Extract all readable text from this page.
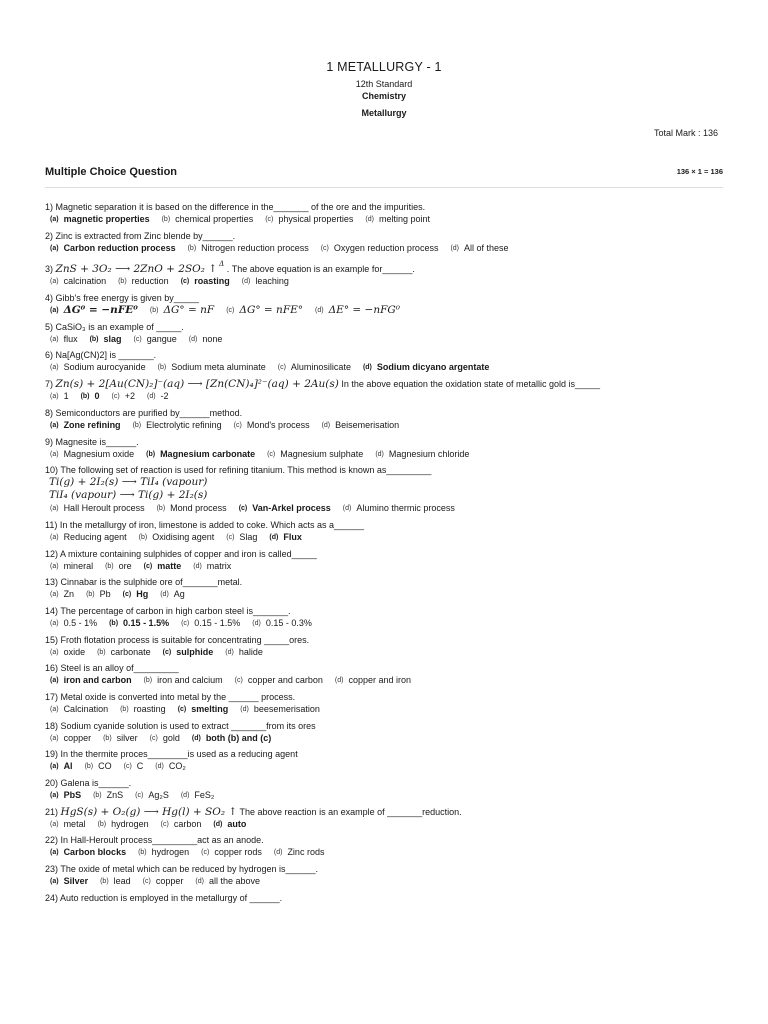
1 METALLURGY - 1
12th Standard
Chemistry
Metallurgy
Total Mark : 136
Multiple Choice Question	136 × 1 = 136
1) Magnetic separation it is based on the difference in the_______ of the ore and the impurities.
(a) magnetic properties (b) chemical properties (c) physical properties (d) melting point
2) Zinc is extracted from Zinc blende by______.
(a) Carbon reduction process (b) Nitrogen reduction process (c) Oxygen reduction process (d) All of these
3) ZnS + 3O₂ ⟶ 2ZnO + 2SO₂ ↑ $^\Delta$ . The above equation is an example for______.
(a) calcination (b) reduction (c) roasting (d) leaching
4) Gibb's free energy is given by_____
(a) ΔG⁰ = −nFE⁰ (b) ΔG° = nF (c) ΔG° = nFE° (d) ΔE° = −nFG⁰
5) CaSiO₃ is an example of _____.
(a) flux (b) slag (c) gangue (d) none
6) Na[Ag(CN)2] is _______.
(a) Sodium aurocyanide (b) Sodium meta aluminate (c) Aluminosilicate (d) Sodium dicyano argentate
7) Zn(s) + 2[Au(CN)₂]⁻(aq) ⟶ [Zn(CN)₄]²⁻(aq) + 2Au(s) In the above equation the oxidation state of metallic gold is_____
(a) 1 (b) 0 (c) +2 (d) -2
8) Semiconductors are purified by______method.
(a) Zone refining (b) Electrolytic refining (c) Mond's process (d) Beisemerisation
9) Magnesite is______.
(a) Magnesium oxide (b) Magnesium carbonate (c) Magnesium sulphate (d) Magnesium chloride
10) The following set of reaction is used for refining titanium. This method is known as_________
Ti(g) + 2I₂(s) ⟶ TiI₄ (vapour)
TiI₄ (vapour) ⟶ Ti(g) + 2I₂(s)
(a) Hall Heroult process (b) Mond process (c) Van-Arkel process (d) Alumino thermic process
11) In the metallurgy of iron, limestone is added to coke. Which acts as a______
(a) Reducing agent (b) Oxidising agent (c) Slag (d) Flux
12) A mixture containing sulphides of copper and iron is called_____
(a) mineral (b) ore (c) matte (d) matrix
13) Cinnabar is the sulphide ore of_______metal.
(a) Zn (b) Pb (c) Hg (d) Ag
14) The percentage of carbon in high carbon steel is_______.
(a) 0.5 - 1% (b) 0.15 - 1.5% (c) 0.15 - 1.5% (d) 0.15 - 0.3%
15) Froth flotation process is suitable for concentrating _____ores.
(a) oxide (b) carbonate (c) sulphide (d) halide
16) Steel is an alloy of_________
(a) iron and carbon (b) iron and calcium (c) copper and carbon (d) copper and iron
17) Metal oxide is converted into metal by the ______ process.
(a) Calcination (b) roasting (c) smelting (d) beesemerisation
18) Sodium cyanide solution is used to extract _______from its ores
(a) copper (b) silver (c) gold (d) both (b) and (c)
19) In the thermite proces________is used as a reducing agent
(a) Al (b) CO (c) C (d) CO₂
20) Galena is______.
(a) PbS (b) ZnS (c) Ag₂S (d) FeS₂
21) HgS(s) + O₂(g) ⟶ Hg(l) + SO₂ ↑ The above reaction is an example of _______reduction.
(a) metal (b) hydrogen (c) carbon (d) auto
22) In Hall-Heroult process_________act as an anode.
(a) Carbon blocks (b) hydrogen (c) copper rods (d) Zinc rods
23) The oxide of metal which can be reduced by hydrogen is______.
(a) Silver (b) lead (c) copper (d) all the above
24) Auto reduction is employed in the metallurgy of ______.
